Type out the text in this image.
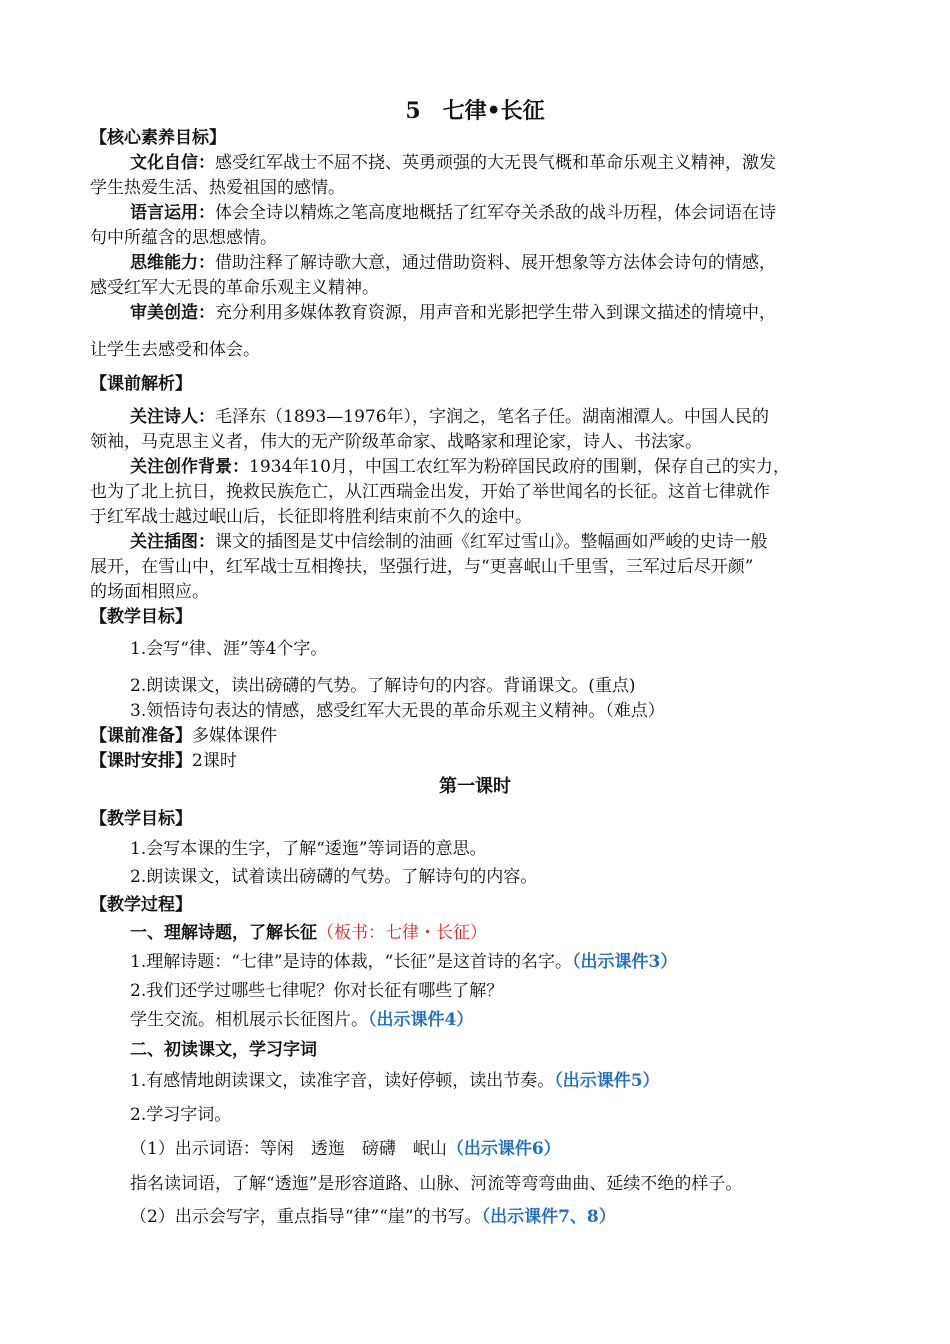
5　七律•长征
【核心素养目标】
文化自信：感受红军战士不屈不挠、英勇顽强的大无畏气概和革命乐观主义精神，激发
学生热爱生活、热爱祖国的感情。
语言运用：体会全诗以精炼之笔高度地概括了红军夺关杀敌的战斗历程，体会词语在诗
句中所蕴含的思想感情。
思维能力：借助注释了解诗歌大意，通过借助资料、展开想象等方法体会诗句的情感，
感受红军大无畏的革命乐观主义精神。
审美创造：充分利用多媒体教育资源，用声音和光影把学生带入到课文描述的情境中，
让学生去感受和体会。
【课前解析】
关注诗人：毛泽东（1893—1976年），字润之，笔名子任。湖南湘潭人。中国人民的
领袖，马克思主义者，伟大的无产阶级革命家、战略家和理论家，诗人、书法家。
关注创作背景：1934年10月，中国工农红军为粉碎国民政府的围剿，保存自己的实力，
也为了北上抗日，挽救民族危亡，从江西瑞金出发，开始了举世闻名的长征。这首七律就作
于红军战士越过岷山后，长征即将胜利结束前不久的途中。
关注插图：课文的插图是艾中信绘制的油画《红军过雪山》。整幅画如严峻的史诗一般
展开，在雪山中，红军战士互相搀扶，坚强行进，与“更喜岷山千里雪，三军过后尽开颜”
的场面相照应。
【教学目标】
1.会写“律、涯”等4个字。
2.朗读课文，读出磅礴的气势。了解诗句的内容。背诵课文。(重点)
3.领悟诗句表达的情感，感受红军大无畏的革命乐观主义精神。（难点）
【课前准备】多媒体课件
【课时安排】2课时
第一课时
【教学目标】
1.会写本课的生字，了解“逶迤”等词语的意思。
2.朗读课文，试着读出磅礴的气势。了解诗句的内容。
【教学过程】
一、理解诗题，了解长征（板书：七律・长征）
1.理解诗题：“七律”是诗的体裁，“长征”是这首诗的名字。（出示课件3）
2.我们还学过哪些七律呢？你对长征有哪些了解？
学生交流。相机展示长征图片。（出示课件4）
二、初读课文，学习字词
1.有感情地朗读课文，读准字音，读好停顿，读出节奏。（出示课件5）
2.学习字词。
（1）出示词语：等闲　透迤　磅礴　岷山（出示课件6）
指名读词语，了解“透迤”是形容道路、山脉、河流等弯弯曲曲、延续不绝的样子。
（2）出示会写字，重点指导“律”“崖”的书写。（出示课件7、8）
